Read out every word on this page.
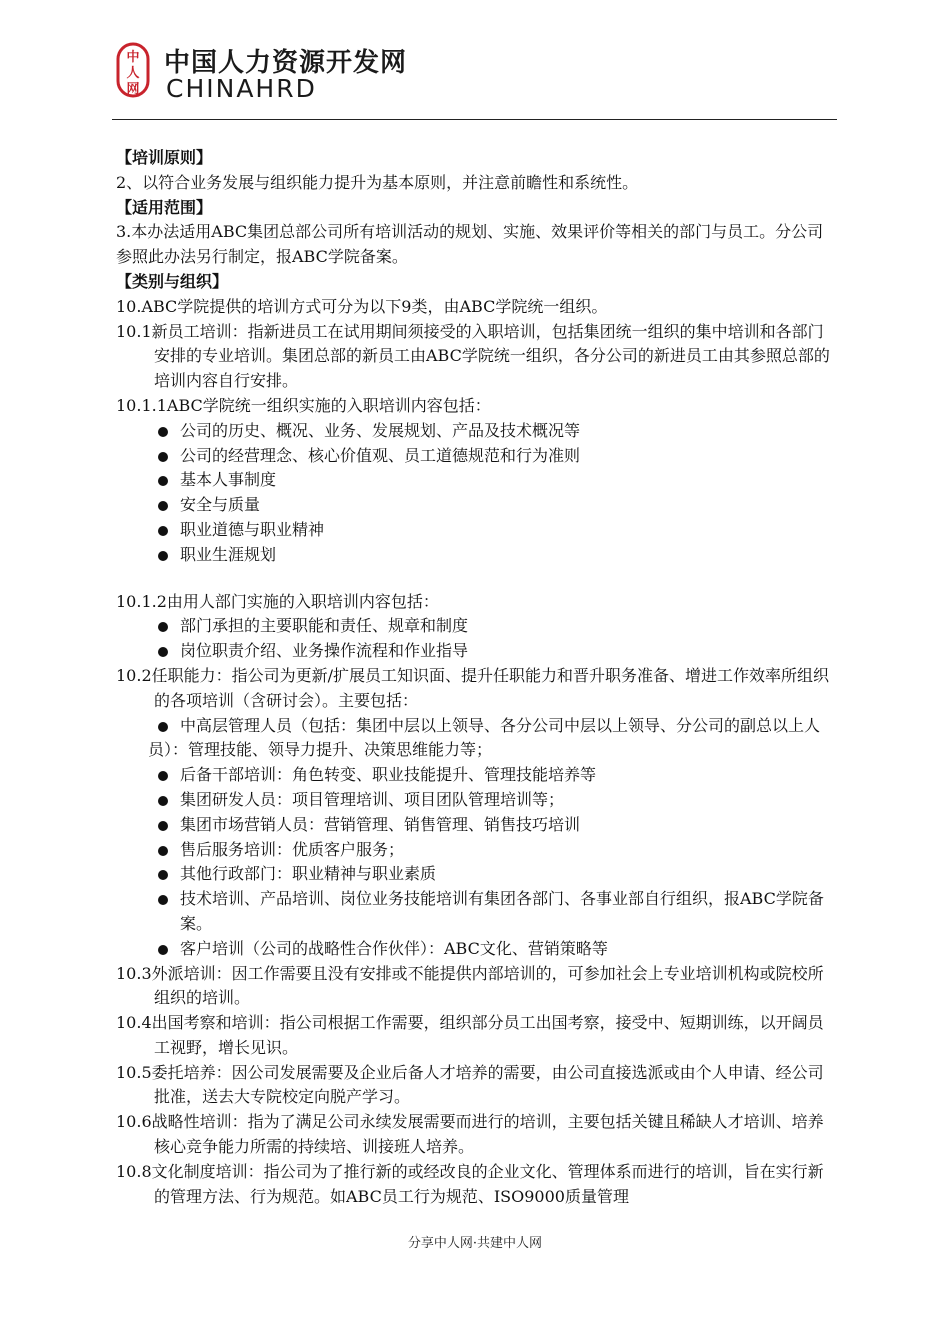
中
人
网
中国人力资源开发网
CHINAHRD

【培训原则】

2、以符合业务发展与组织能力提升为基本原则，并注意前瞻性和系统性。

【适用范围】

3.本办法适用ABC集团总部公司所有培训活动的规划、实施、效果评价等相关的部门与员工。分公司参照此办法另行制定，报ABC学院备案。

【类别与组织】

10.ABC学院提供的培训方式可分为以下9类，由ABC学院统一组织。

10.1新员工培训：指新进员工在试用期间须接受的入职培训，包括集团统一组织的集中培训和各部门安排的专业培训。集团总部的新员工由ABC学院统一组织，各分公司的新进员工由其参照总部的培训内容自行安排。

10.1.1ABC学院统一组织实施的入职培训内容包括：

公司的历史、概况、业务、发展规划、产品及技术概况等
公司的经营理念、核心价值观、员工道德规范和行为准则
基本人事制度
安全与质量
职业道德与职业精神
职业生涯规划

10.1.2由用人部门实施的入职培训内容包括：

部门承担的主要职能和责任、规章和制度
岗位职责介绍、业务操作流程和作业指导

10.2任职能力：指公司为更新/扩展员工知识面、提升任职能力和晋升职务准备、增进工作效率所组织的各项培训（含研讨会）。主要包括：

中高层管理人员（包括：集团中层以上领导、各分公司中层以上领导、分公司的副总以上人员）：管理技能、领导力提升、决策思维能力等；
后备干部培训：角色转变、职业技能提升、管理技能培养等
集团研发人员：项目管理培训、项目团队管理培训等；
集团市场营销人员：营销管理、销售管理、销售技巧培训
售后服务培训：优质客户服务；
其他行政部门：职业精神与职业素质
技术培训、产品培训、岗位业务技能培训有集团各部门、各事业部自行组织，报ABC学院备案。
客户培训（公司的战略性合作伙伴）：ABC文化、营销策略等

10.3外派培训：因工作需要且没有安排或不能提供内部培训的，可参加社会上专业培训机构或院校所组织的培训。

10.4出国考察和培训：指公司根据工作需要，组织部分员工出国考察，接受中、短期训练，以开阔员工视野，增长见识。

10.5委托培养：因公司发展需要及企业后备人才培养的需要，由公司直接选派或由个人申请、经公司批准，送去大专院校定向脱产学习。

10.6战略性培训：指为了满足公司永续发展需要而进行的培训，主要包括关键且稀缺人才培训、培养核心竞争能力所需的持续培、训接班人培养。

10.8文化制度培训：指公司为了推行新的或经改良的企业文化、管理体系而进行的培训，旨在实行新的管理方法、行为规范。如ABC员工行为规范、ISO9000质量管理

分享中人网·共建中人网
